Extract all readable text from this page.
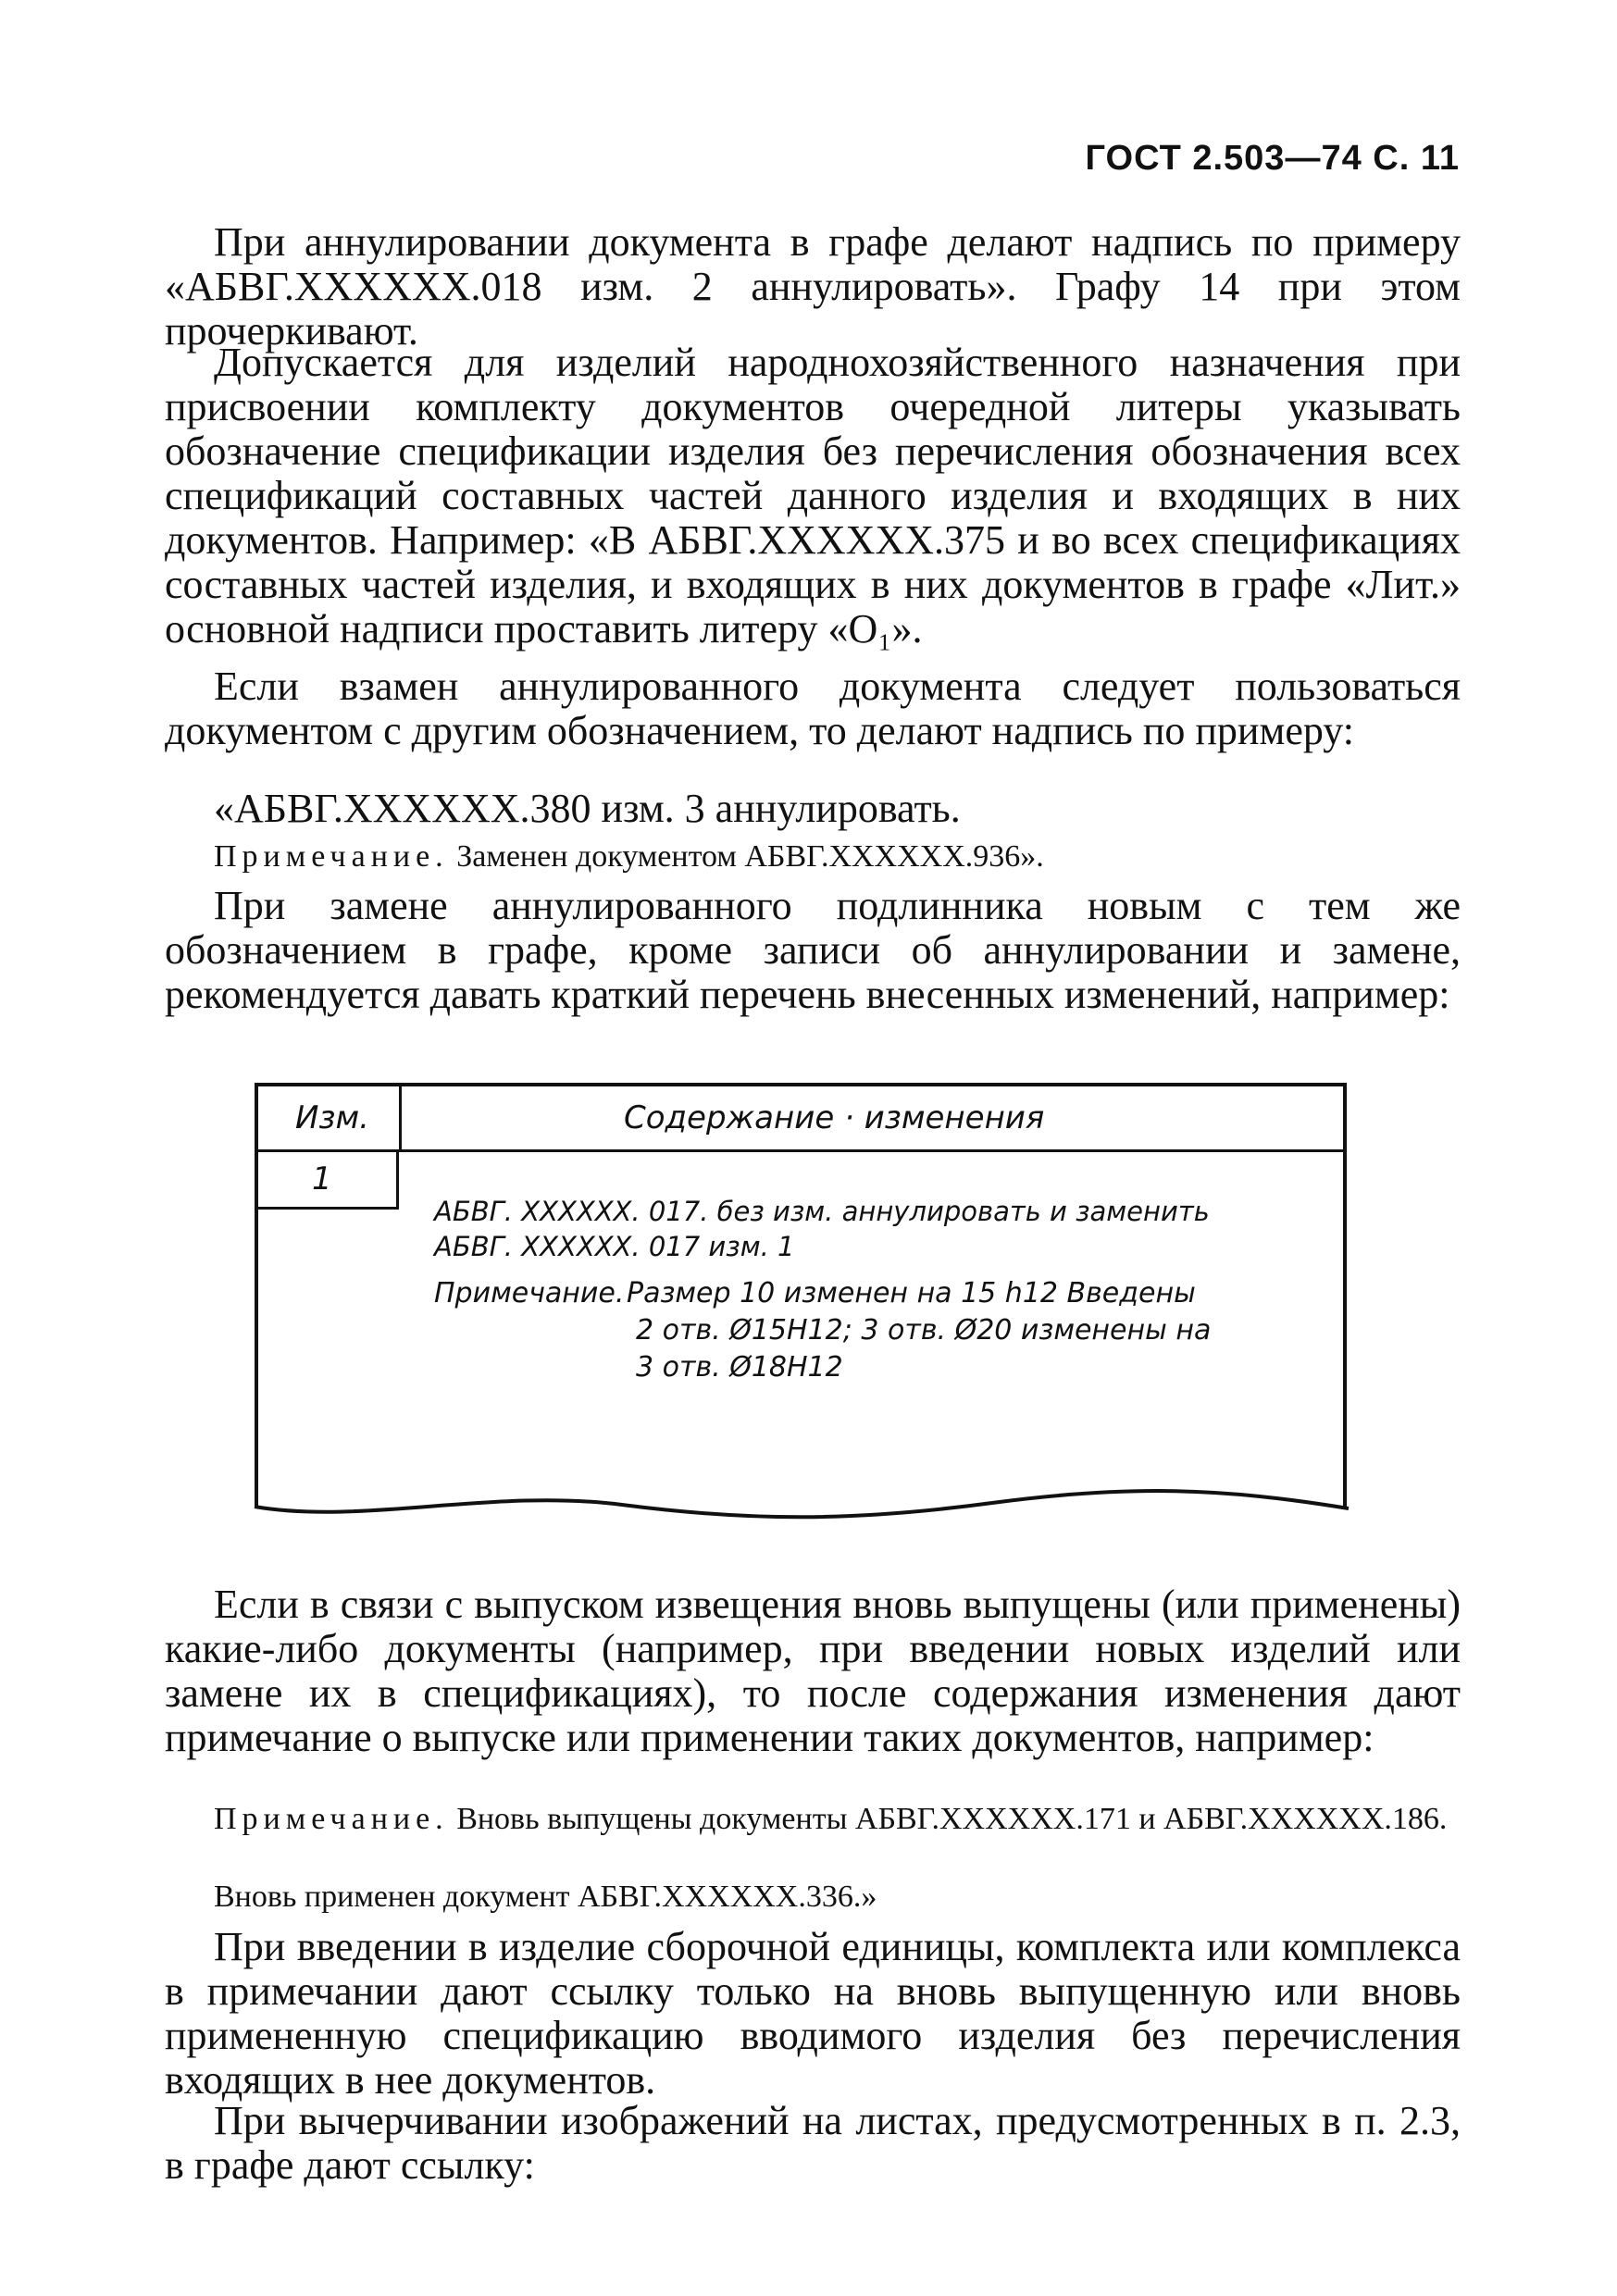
ГОСТ 2.503—74 С. 11

При аннулировании документа в графе делают надпись по примеру «АБВГ.XXXXXX.018 изм. 2 аннулировать». Графу 14 при этом прочеркивают.

Допускается для изделий народнохозяйственного назначения при присвоении комплекту документов очередной литеры указывать обозначение спецификации изделия без перечисления обозначения всех спецификаций составных частей данного изделия и входящих в них документов. Например: «В АБВГ.XXXXXX.375 и во всех спецификациях составных частей изделия, и входящих в них документов в графе «Лит.» основной надписи проставить литеру «О₁».

Если взамен аннулированного документа следует пользоваться документом с другим обозначением, то делают надпись по примеру:

«АБВГ.XXXXXX.380 изм. 3 аннулировать.

Примечание. Заменен документом АБВГ.XXXXXX.936».

При замене аннулированного подлинника новым с тем же обозначением в графе, кроме записи об аннулировании и замене, рекомендуется давать краткий перечень внесенных изменений, например:

Изм.	Содержание · изменения
1
АБВГ. XXXXXX. 017. без изм. аннулировать и заменить
АБВГ. XXXXXX. 017 изм. 1
Примечание. Размер 10 изменен на 15 h12 Введены
2 отв. Ø15H12; 3 отв. Ø20 изменены на
3 отв. Ø18H12

Если в связи с выпуском извещения вновь выпущены (или применены) какие-либо документы (например, при введении новых изделий или замене их в спецификациях), то после содержания изменения дают примечание о выпуске или применении таких документов, например:

Примечание. Вновь выпущены документы АБВГ.XXXXXX.171 и АБВГ.XXXXXX.186.

Вновь применен документ АБВГ.XXXXXX.336.»

При введении в изделие сборочной единицы, комплекта или комплекса в примечании дают ссылку только на вновь выпущенную или вновь примененную спецификацию вводимого изделия без перечисления входящих в нее документов.

При вычерчивании изображений на листах, предусмотренных в п. 2.3, в графе дают ссылку:
